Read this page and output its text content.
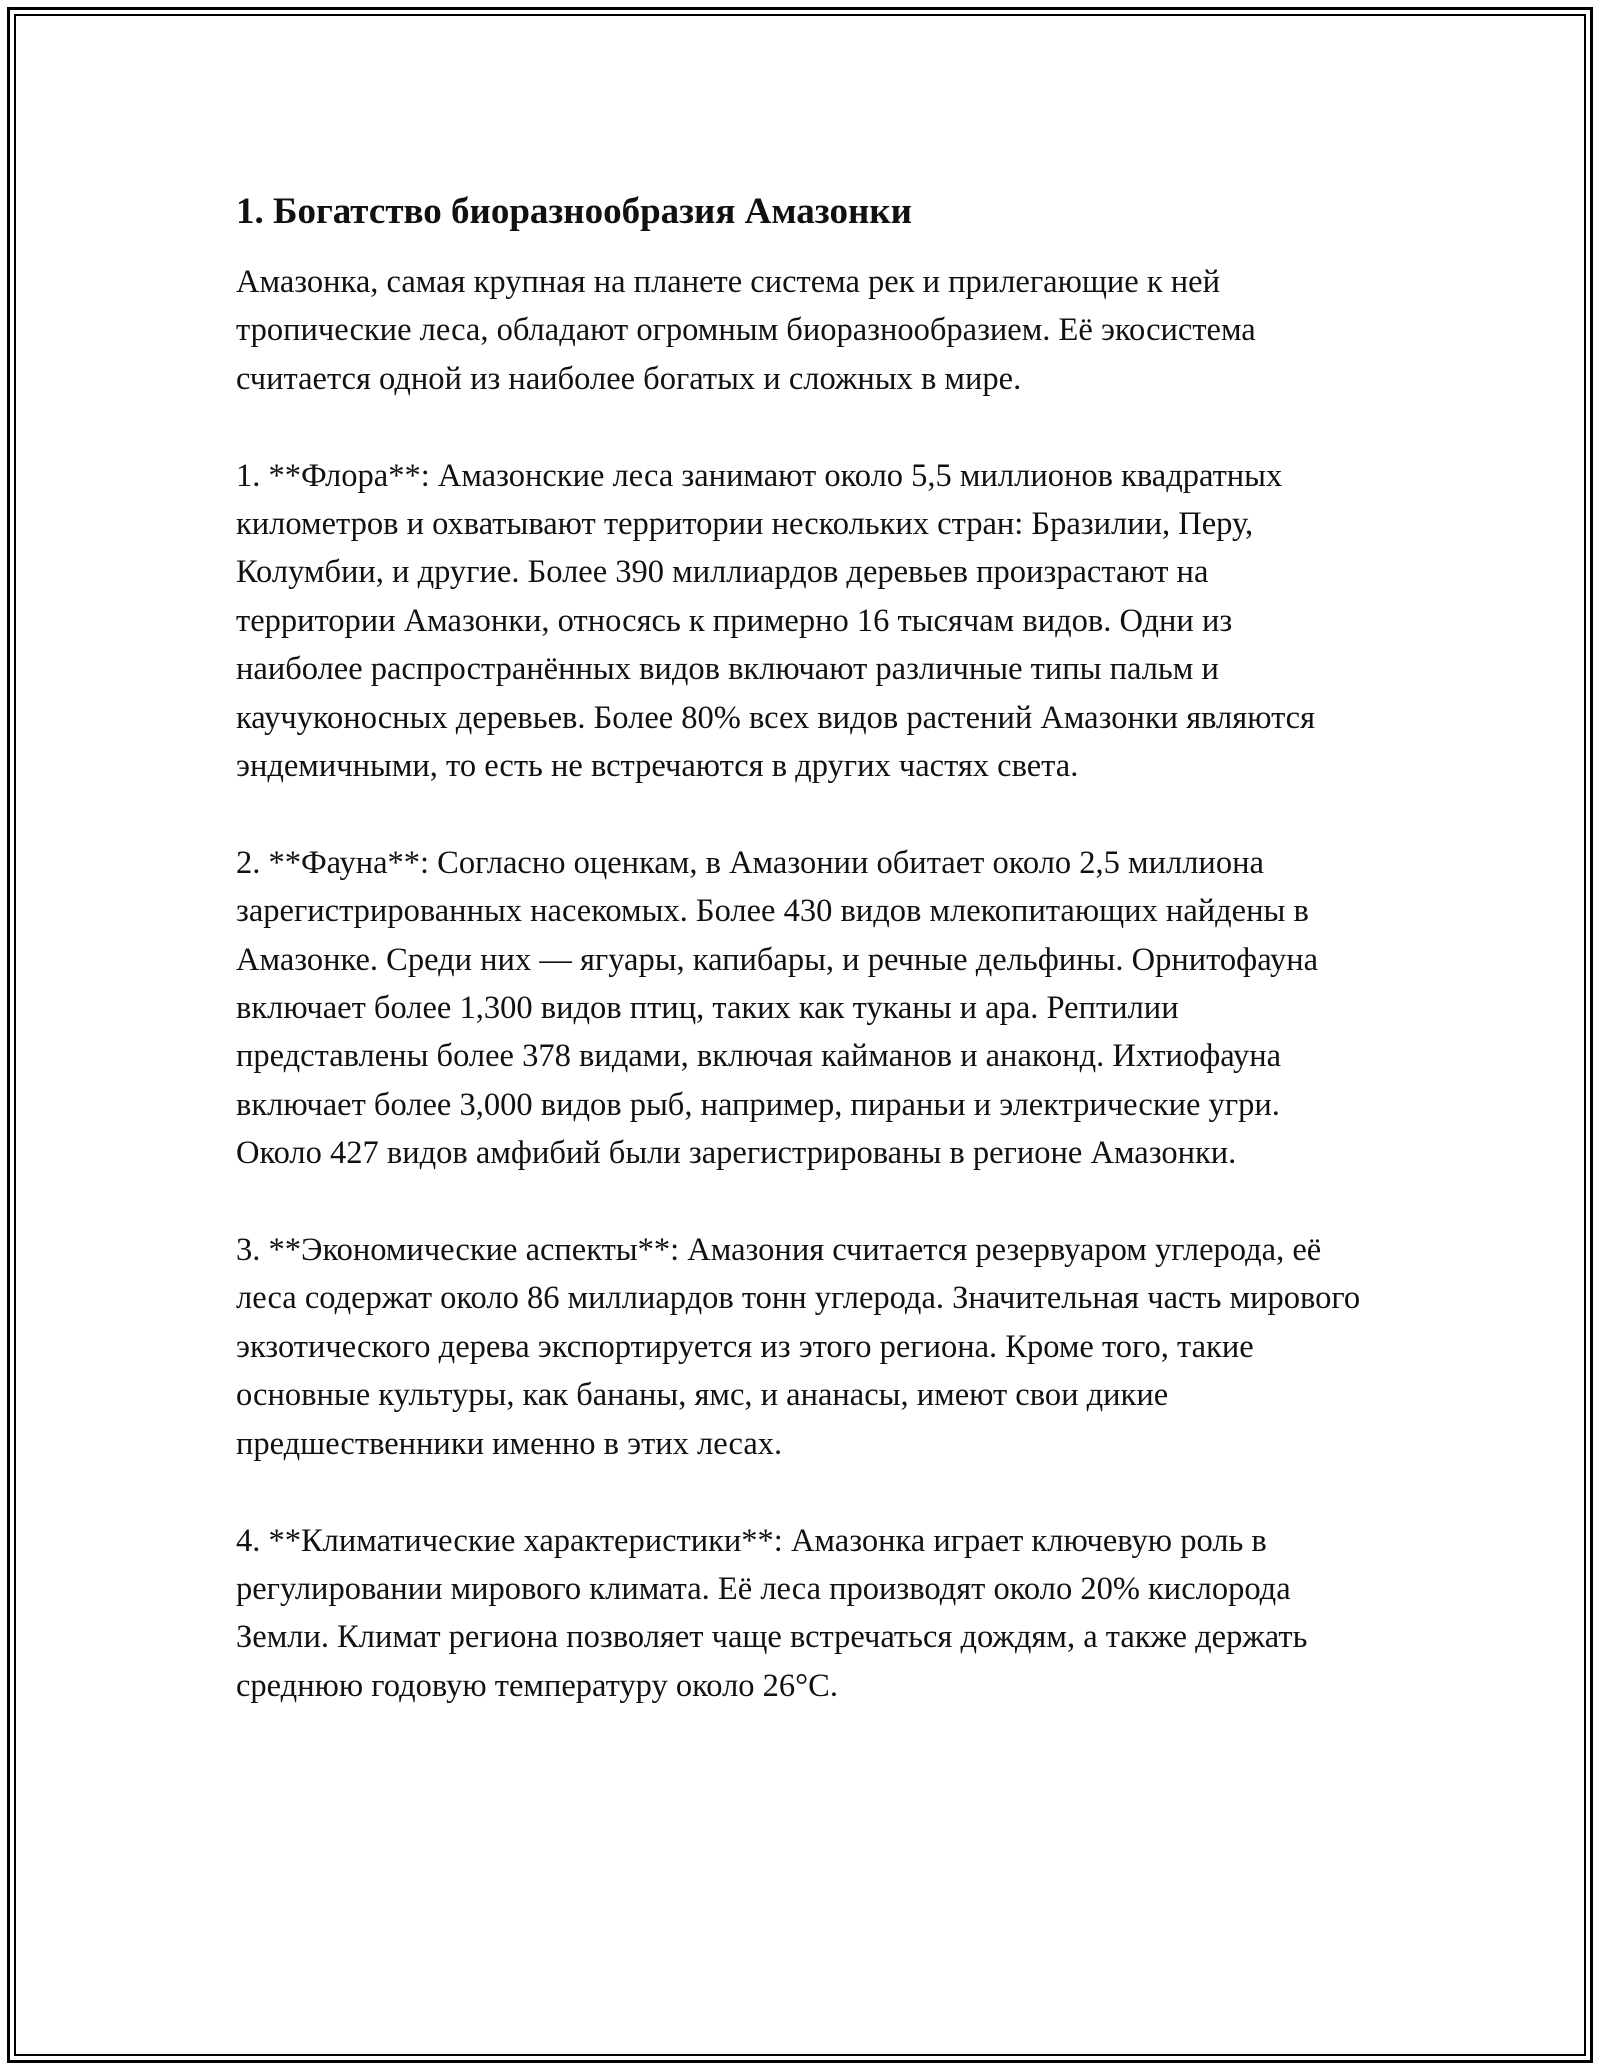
1. Богатство биоразнообразия Амазонки

Амазонка, самая крупная на планете система рек и прилегающие к ней тропические леса, обладают огромным биоразнообразием. Её экосистема считается одной из наиболее богатых и сложных в мире.

1. **Флора**: Амазонские леса занимают около 5,5 миллионов квадратных километров и охватывают территории нескольких стран: Бразилии, Перу, Колумбии, и другие. Более 390 миллиардов деревьев произрастают на территории Амазонки, относясь к примерно 16 тысячам видов. Одни из наиболее распространённых видов включают различные типы пальм и каучуконосных деревьев. Более 80% всех видов растений Амазонки являются эндемичными, то есть не встречаются в других частях света.

2. **Фауна**: Согласно оценкам, в Амазонии обитает около 2,5 миллиона зарегистрированных насекомых. Более 430 видов млекопитающих найдены в Амазонке. Среди них — ягуары, капибары, и речные дельфины. Орнитофауна включает более 1,300 видов птиц, таких как туканы и ара. Рептилии представлены более 378 видами, включая кайманов и анаконд. Ихтиофауна включает более 3,000 видов рыб, например, пираньи и электрические угри. Около 427 видов амфибий были зарегистрированы в регионе Амазонки.

3. **Экономические аспекты**: Амазония считается резервуаром углерода, её леса содержат около 86 миллиардов тонн углерода. Значительная часть мирового экзотического дерева экспортируется из этого региона. Кроме того, такие основные культуры, как бананы, ямс, и ананасы, имеют свои дикие предшественники именно в этих лесах.

4. **Климатические характеристики**: Амазонка играет ключевую роль в регулировании мирового климата. Её леса производят около 20% кислорода Земли. Климат региона позволяет чаще встречаться дождям, а также держать среднюю годовую температуру около 26°C.
